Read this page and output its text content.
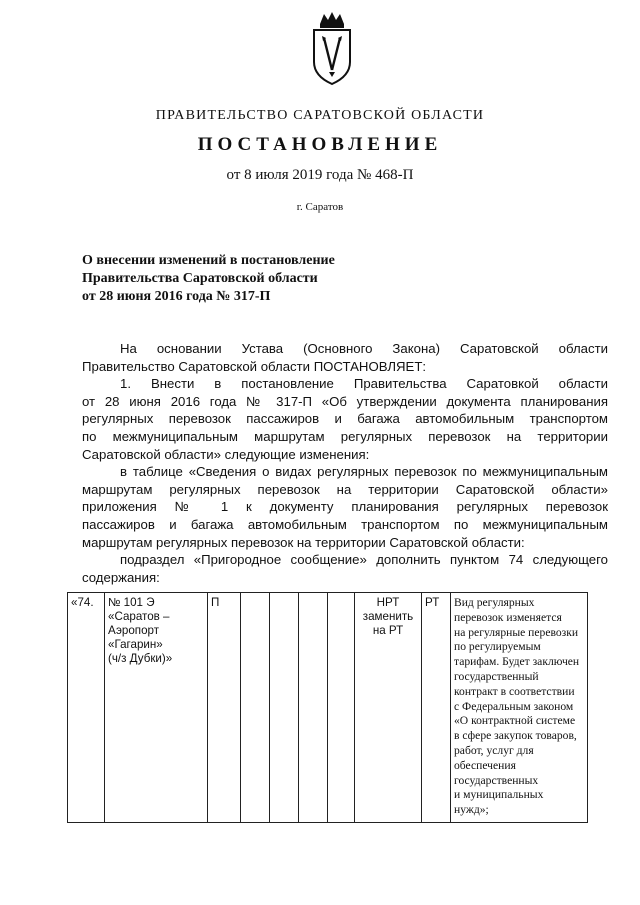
ПРАВИТЕЛЬСТВО САРАТОВСКОЙ ОБЛАСТИ
ПОСТАНОВЛЕНИЕ
от 8 июля 2019 года № 468-П
г. Саратов
О внесении изменений в постановление
Правительства Саратовской области
от 28 июня 2016 года № 317-П
На основании Устава (Основного Закона) Саратовской области
Правительство Саратовской области ПОСТАНОВЛЯЕТ:
1. Внести в постановление Правительства Саратовкой области
от 28 июня 2016 года № 317-П «Об утверждении документа планирования
регулярных перевозок пассажиров и багажа автомобильным транспортом
по межмуниципальным маршрутам регулярных перевозок на территории
Саратовской области» следующие изменения:
в таблице «Сведения о видах регулярных перевозок по межмуниципальным
маршрутам регулярных перевозок на территории Саратовской области»
приложения № 1 к документу планирования регулярных перевозок
пассажиров и багажа автомобильным транспортом по межмуниципальным
маршрутам регулярных перевозок на территории Саратовской области:
подраздел «Пригородное сообщение» дополнить пунктом 74 следующего
содержания:
«74.	№ 101 Э
«Саратов –
Аэропорт
«Гагарин»
(ч/з Дубки)»
	П					НРТ
заменить
на РТ
	РТ	Вид регулярных
перевозок изменяется
на регулярные перевозки
по регулируемым
тарифам. Будет заключен
государственный
контракт в соответствии
с Федеральным законом
«О контрактной системе
в сфере закупок товаров,
работ, услуг для
обеспечения
государственных
и муниципальных
нужд»;
